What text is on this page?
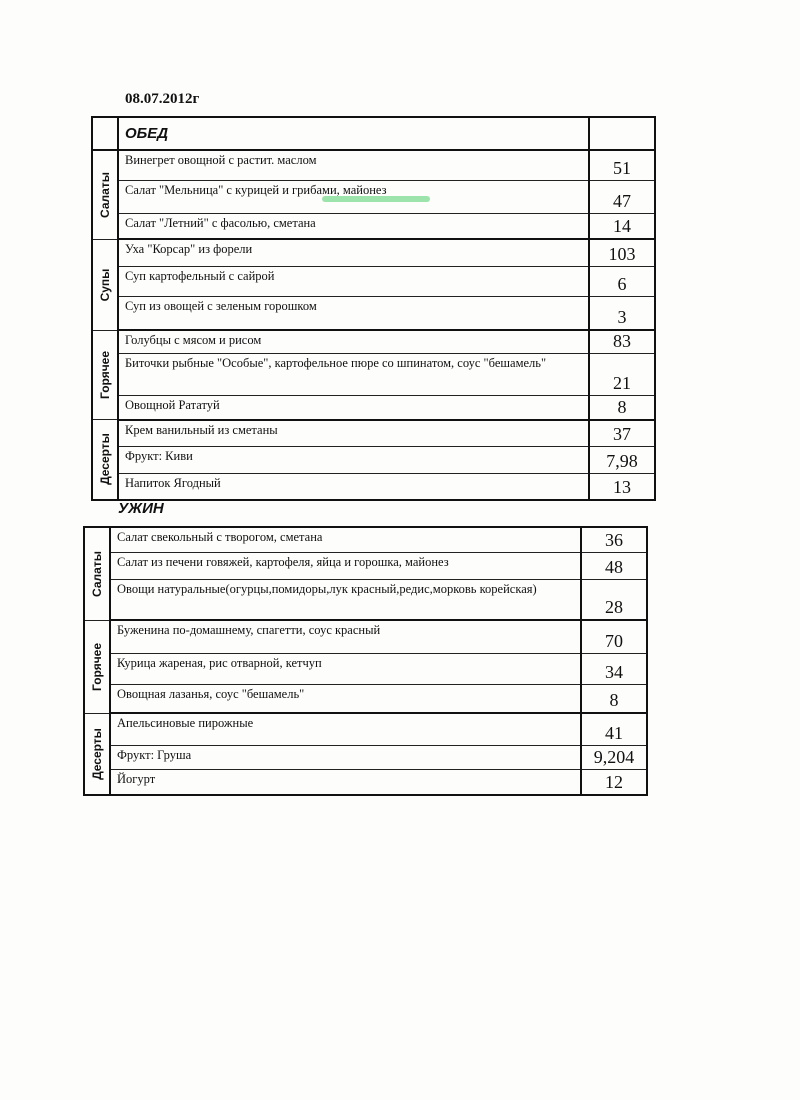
08.07.2012г
	ОБЕД	

Салаты	Винегрет овощной с растит. маслом	51
	Салат "Мельница" с курицей и грибами, майонез	47
	Салат "Летний" с фасолью, сметана	14

Супы	Уха "Корсар" из форели	103
	Суп картофельный с сайрой	6
	Суп из овощей с зеленым горошком	3

Горячее	Голубцы с мясом и рисом	83
	Биточки рыбные "Особые", картофельное пюре со шпинатом, соус "бешамель"	21
	Овощной Рататуй	8

Десерты	Крем ванильный из сметаны	37
	Фрукт: Киви	7,98
	Напиток Ягодный	13
УЖИН
Салаты	Салат свекольный с творогом, сметана	36
	Салат из печени говяжей, картофеля, яйца и горошка, майонез	48
	Овощи натуральные(огурцы,помидоры,лук красный,редис,морковь корейская)	28

Горячее	Буженина по-домашнему, спагетти, соус красный	70
	Курица жареная, рис отварной, кетчуп	34
	Овощная лазанья, соус "бешамель"	8

Десерты	Апельсиновые пирожные	41
	Фрукт: Груша	9,204
	Йогурт	12
